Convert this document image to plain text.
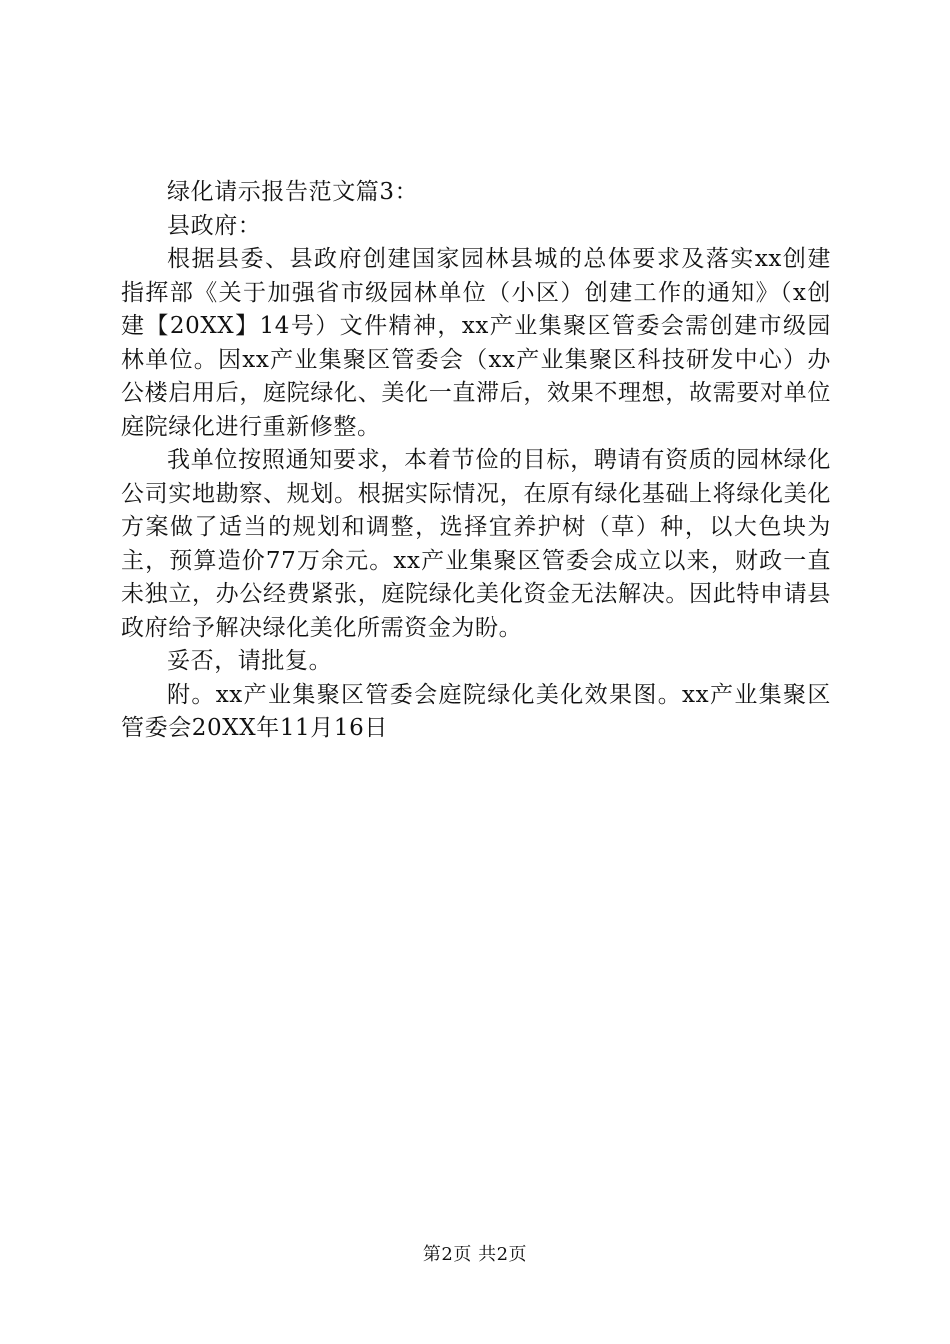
绿化请示报告范文篇3：

县政府：

根据县委、县政府创建国家园林县城的总体要求及落实xx创建指挥部《关于加强省市级园林单位（小区）创建工作的通知》（x创建【20XX】14号）文件精神，xx产业集聚区管委会需创建市级园林单位。因xx产业集聚区管委会（xx产业集聚区科技研发中心）办公楼启用后，庭院绿化、美化一直滞后，效果不理想，故需要对单位庭院绿化进行重新修整。

我单位按照通知要求，本着节俭的目标，聘请有资质的园林绿化公司实地勘察、规划。根据实际情况，在原有绿化基础上将绿化美化方案做了适当的规划和调整，选择宜养护树（草）种，以大色块为主，预算造价77万余元。xx产业集聚区管委会成立以来，财政一直未独立，办公经费紧张，庭院绿化美化资金无法解决。因此特申请县政府给予解决绿化美化所需资金为盼。

妥否，请批复。

附。xx产业集聚区管委会庭院绿化美化效果图。xx产业集聚区管委会20XX年11月16日

第2页 共2页
